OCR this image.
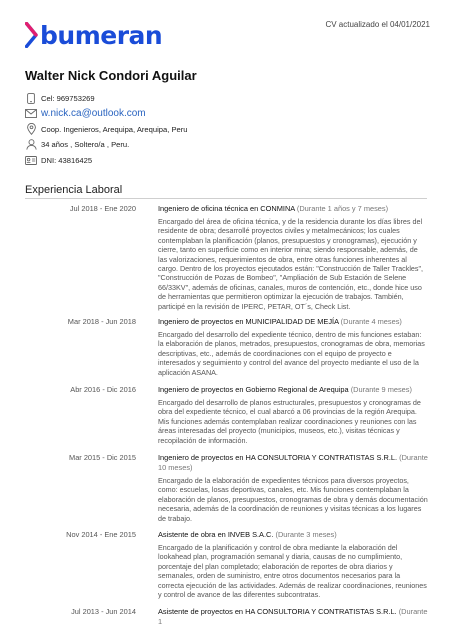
bumeran	CV actualizado el 04/01/2021
Walter Nick Condori Aguilar
Cel: 969753269
w.nick.ca@outlook.com
Coop. Ingenieros, Arequipa, Arequipa, Peru
34 años , Soltero/a , Peru.
DNI: 43816425
Experiencia Laboral
Jul 2018 - Ene 2020	Ingeniero de oficina técnica en CONMINA (Durante 1 años y 7 meses)
Encargado del área de oficina técnica, y de la residencia durante los días libres del residente de obra; desarrollé proyectos civiles y metalmecánicos; los cuales contemplaban la planificación (planos, presupuestos y cronogramas), ejecución y cierre, tanto en superficie como en interior mina; siendo responsable, además, de las valorizaciones, requerimientos de obra, entre otras funciones inherentes al cargo. Dentro de los proyectos ejecutados están: "Construcción de Taller Trackles", "Construcción de Pozas de Bombeo", "Ampliación de Sub Estación de Selene 66/33KV", además de oficinas, canales, muros de contención, etc., donde hice uso de herramientas que permitieron optimizar la ejecución de trabajos. También, participé en la revisión de IPERC, PETAR, OT´s, Check List.
Mar 2018 - Jun 2018	Ingeniero de proyectos en MUNICIPALIDAD DE MEJÍA (Durante 4 meses)
Encargado del desarrollo del expediente técnico, dentro de mis funciones estaban: la elaboración de planos, metrados, presupuestos, cronogramas de obra, memorias descriptivas, etc., además de coordinaciones con el equipo de proyecto e interesados y seguimiento y control del avance del proyecto mediante el uso de la aplicación ASANA.
Abr 2016 - Dic 2016	Ingeniero de proyectos en Gobierno Regional de Arequipa (Durante 9 meses)
Encargado del desarrollo de planos estructurales, presupuestos y cronogramas de obra del expediente técnico, el cual abarcó a 06 provincias de la región Arequipa. Mis funciones además contemplaban realizar coordinaciones y reuniones con las áreas interesadas del proyecto (municipios, museos, etc.), visitas técnicas y recopilación de información.
Mar 2015 - Dic 2015	Ingeniero de proyectos en HA CONSULTORIA Y CONTRATISTAS S.R.L. (Durante 10 meses)
Encargado de la elaboración de expedientes técnicos para diversos proyectos, como: escuelas, losas deportivas, canales, etc. Mis funciones contemplaban la elaboración de planos, presupuestos, cronogramas de obra y demás documentación necesaria, además de la coordinación de reuniones y visitas técnicas a los lugares de trabajo.
Nov 2014 - Ene 2015	Asistente de obra en INVEB S.A.C. (Durante 3 meses)
Encargado de la planificación y control de obra mediante la elaboración del lookahead plan, programación semanal y diaria, causas de no cumplimiento, porcentaje del plan completado; elaboración de reportes de obra diarios y semanales, orden de suministro, entre otros documentos necesarios para la correcta ejecución de las actividades. Además de realizar coordinaciones, reuniones y control de avance de las diferentes subcontratas.
Jul 2013 - Jun 2014	Asistente de proyectos en HA CONSULTORIA Y CONTRATISTAS S.R.L. (Durante 1
